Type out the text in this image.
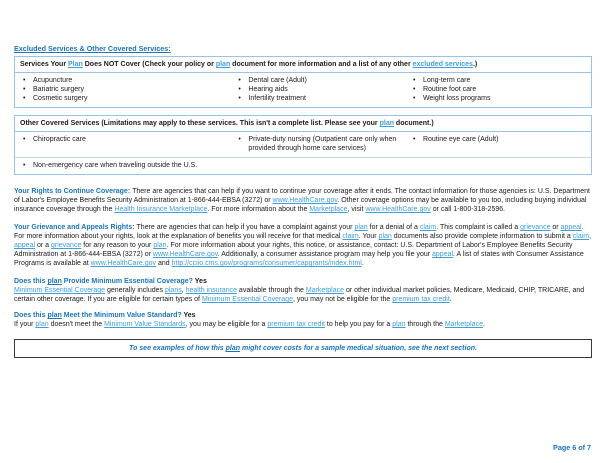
Excluded Services & Other Covered Services:
Services Your Plan Does NOT Cover (Check your policy or plan document for more information and a list of any other excluded services.)
• Acupuncture
• Bariatric surgery
• Cosmetic surgery
• Dental care (Adult)
• Hearing aids
• Infertility treatment
• Long-term care
• Routine foot care
• Weight loss programs
Other Covered Services (Limitations may apply to these services. This isn't a complete list. Please see your plan document.)
• Chiropractic care	• Private-duty nursing (Outpatient care only when provided through home care services)
• Routine eye care (Adult)
• Non-emergency care when traveling outside the U.S.

Your Rights to Continue Coverage: There are agencies that can help if you want to continue your coverage after it ends. The contact information for those agencies is: U.S. Department of Labor's Employee Benefits Security Administration at 1-866-444-EBSA (3272) or www.HealthCare.gov. Other coverage options may be available to you too, including buying individual insurance coverage through the Health Insurance Marketplace. For more information about the Marketplace, visit www.HealthCare.gov or call 1-800-318-2596.

Your Grievance and Appeals Rights: There are agencies that can help if you have a complaint against your plan for a denial of a claim. This complaint is called a grievance or appeal. For more information about your rights, look at the explanation of benefits you will receive for that medical claim. Your plan documents also provide complete information to submit a claim, appeal or a grievance for any reason to your plan. For more information about your rights, this notice, or assistance, contact: U.S. Department of Labor's Employee Benefits Security Administration at 1-866-444-EBSA (3272) or www.HealthCare.gov. Additionally, a consumer assistance program may help you file your appeal. A list of states with Consumer Assistance Programs is available at www.HealthCare.gov and http://cciio.cms.gov/programs/consumer/capgrants/index.html.

Does this plan Provide Minimum Essential Coverage? Yes
Minimum Essential Coverage generally includes plans, health insurance available through the Marketplace or other individual market policies, Medicare, Medicaid, CHIP, TRICARE, and certain other coverage. If you are eligible for certain types of Minimum Essential Coverage, you may not be eligible for the premium tax credit.
Does this plan Meet the Minimum Value Standard? Yes
If your plan doesn't meet the Minimum Value Standards, you may be eligible for a premium tax credit to help you pay for a plan through the Marketplace.
To see examples of how this plan might cover costs for a sample medical situation, see the next section.
Page 6 of 7
